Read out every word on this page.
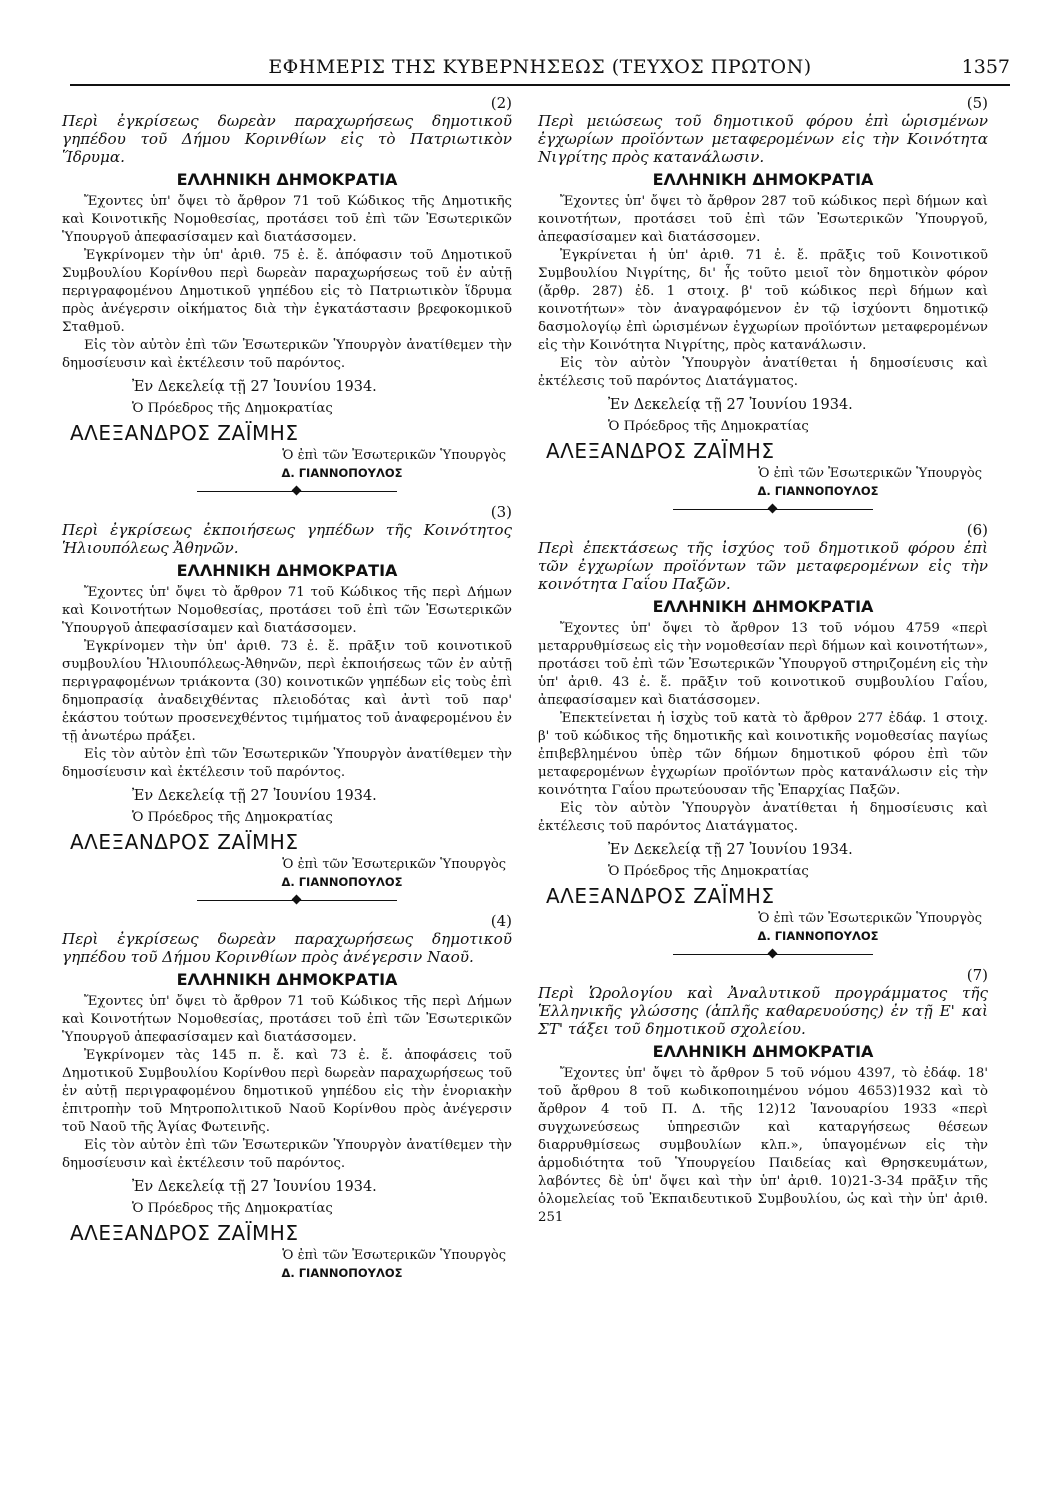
ΕΦΗΜΕΡΙΣ ΤΗΣ ΚΥΒΕΡΝΗΣΕΩΣ (ΤΕΥΧΟΣ ΠΡΩΤΟΝ)	1357
(2)

Περὶ ἐγκρίσεως δωρεὰν παραχωρήσεως δημοτικοῦ γηπέδου τοῦ Δήμου Κορινθίων εἰς τὸ Πατριωτικὸν Ἵδρυμα.

ΕΛΛΗΝΙΚΗ ΔΗΜΟΚΡΑΤΙΑ

Ἔχοντες ὑπ' ὄψει τὸ ἄρθρον 71 τοῦ Κώδικος τῆς Δημοτικῆς καὶ Κοινοτικῆς Νομοθεσίας, προτάσει τοῦ ἐπὶ τῶν Ἐσωτερικῶν Ὑπουργοῦ ἀπεφασίσαμεν καὶ διατάσσομεν.

Ἐγκρίνομεν τὴν ὑπ' ἀριθ. 75 ἐ. ἔ. ἀπόφασιν τοῦ Δημοτικοῦ Συμβουλίου Κορίνθου περὶ δωρεὰν παραχωρήσεως τοῦ ἐν αὐτῇ περιγραφομένου Δημοτικοῦ γηπέδου εἰς τὸ Πατριωτικὸν ἵδρυμα πρὸς ἀνέγερσιν οἰκήματος διὰ τὴν ἐγκατάστασιν βρεφοκομικοῦ Σταθμοῦ.

Εἰς τὸν αὐτὸν ἐπὶ τῶν Ἐσωτερικῶν Ὑπουργὸν ἀνατίθεμεν τὴν δημοσίευσιν καὶ ἐκτέλεσιν τοῦ παρόντος.

Ἐν Δεκελείᾳ τῇ 27 Ἰουνίου 1934.
Ὁ Πρόεδρος τῆς Δημοκρατίας
ΑΛΕΞΑΝΔΡΟΣ ΖΑΪΜΗΣ
Ὁ ἐπὶ τῶν Ἐσωτερικῶν Ὑπουργὸς
Δ. ΓΙΑΝΝΟΠΟΥΛΟΣ
(3)

Περὶ ἐγκρίσεως ἐκποιήσεως γηπέδων τῆς Κοινότητος Ἡλιουπόλεως Ἀθηνῶν.

ΕΛΛΗΝΙΚΗ ΔΗΜΟΚΡΑΤΙΑ

Ἔχοντες ὑπ' ὄψει τὸ ἄρθρον 71 τοῦ Κώδικος τῆς περὶ Δήμων καὶ Κοινοτήτων Νομοθεσίας, προτάσει τοῦ ἐπὶ τῶν Ἐσωτερικῶν Ὑπουργοῦ ἀπεφασίσαμεν καὶ διατάσσομεν.

Ἐγκρίνομεν τὴν ὑπ' ἀριθ. 73 ἐ. ἔ. πρᾶξιν τοῦ κοινοτικοῦ συμβουλίου Ἡλιουπόλεως-Ἀθηνῶν, περὶ ἐκποιήσεως τῶν ἐν αὐτῇ περιγραφομένων τριάκοντα (30) κοινοτικῶν γηπέδων εἰς τοὺς ἐπὶ δημοπρασίᾳ ἀναδειχθέντας πλειοδότας καὶ ἀντὶ τοῦ παρ' ἑκάστου τούτων προσενεχθέντος τιμήματος τοῦ ἀναφερομένου ἐν τῇ ἀνωτέρω πράξει.

Εἰς τὸν αὐτὸν ἐπὶ τῶν Ἐσωτερικῶν Ὑπουργὸν ἀνατίθεμεν τὴν δημοσίευσιν καὶ ἐκτέλεσιν τοῦ παρόντος.

Ἐν Δεκελείᾳ τῇ 27 Ἰουνίου 1934.
Ὁ Πρόεδρος τῆς Δημοκρατίας
ΑΛΕΞΑΝΔΡΟΣ ΖΑΪΜΗΣ
Ὁ ἐπὶ τῶν Ἐσωτερικῶν Ὑπουργὸς
Δ. ΓΙΑΝΝΟΠΟΥΛΟΣ
(4)

Περὶ ἐγκρίσεως δωρεὰν παραχωρήσεως δημοτικοῦ γηπέδου τοῦ Δήμου Κορινθίων πρὸς ἀνέγερσιν Ναοῦ.

ΕΛΛΗΝΙΚΗ ΔΗΜΟΚΡΑΤΙΑ

Ἔχοντες ὑπ' ὄψει τὸ ἄρθρον 71 τοῦ Κώδικος τῆς περὶ Δήμων καὶ Κοινοτήτων Νομοθεσίας, προτάσει τοῦ ἐπὶ τῶν Ἐσωτερικῶν Ὑπουργοῦ ἀπεφασίσαμεν καὶ διατάσσομεν.

Ἐγκρίνομεν τὰς 145 π. ἔ. καὶ 73 ἐ. ἔ. ἀποφάσεις τοῦ Δημοτικοῦ Συμβουλίου Κορίνθου περὶ δωρεὰν παραχωρήσεως τοῦ ἐν αὐτῇ περιγραφομένου δημοτικοῦ γηπέδου εἰς τὴν ἐνοριακὴν ἐπιτροπὴν τοῦ Μητροπολιτικοῦ Ναοῦ Κορίνθου πρὸς ἀνέγερσιν τοῦ Ναοῦ τῆς Ἁγίας Φωτεινῆς.

Εἰς τὸν αὐτὸν ἐπὶ τῶν Ἐσωτερικῶν Ὑπουργὸν ἀνατίθεμεν τὴν δημοσίευσιν καὶ ἐκτέλεσιν τοῦ παρόντος.

Ἐν Δεκελείᾳ τῇ 27 Ἰουνίου 1934.
Ὁ Πρόεδρος τῆς Δημοκρατίας
ΑΛΕΞΑΝΔΡΟΣ ΖΑΪΜΗΣ
Ὁ ἐπὶ τῶν Ἐσωτερικῶν Ὑπουργὸς
Δ. ΓΙΑΝΝΟΠΟΥΛΟΣ
(5)

Περὶ μειώσεως τοῦ δημοτικοῦ φόρου ἐπὶ ὡρισμένων ἐγχωρίων προϊόντων μεταφερομένων εἰς τὴν Κοινότητα Νιγρίτης πρὸς κατανάλωσιν.

ΕΛΛΗΝΙΚΗ ΔΗΜΟΚΡΑΤΙΑ

Ἔχοντες ὑπ' ὄψει τὸ ἄρθρον 287 τοῦ κώδικος περὶ δήμων καὶ κοινοτήτων, προτάσει τοῦ ἐπὶ τῶν Ἐσωτερικῶν Ὑπουργοῦ, ἀπεφασίσαμεν καὶ διατάσσομεν.

Ἐγκρίνεται ἡ ὑπ' ἀριθ. 71 ἐ. ἔ. πρᾶξις τοῦ Κοινοτικοῦ Συμβουλίου Νιγρίτης, δι' ἧς τοῦτο μειοῖ τὸν δημοτικὸν φόρον (ἄρθρ. 287) ἐδ. 1 στοιχ. β' τοῦ κώδικος περὶ δήμων καὶ κοινοτήτων» τὸν ἀναγραφόμενον ἐν τῷ ἰσχύοντι δημοτικῷ δασμολογίῳ ἐπὶ ὡρισμένων ἐγχωρίων προϊόντων μεταφερομένων εἰς τὴν Κοινότητα Νιγρίτης, πρὸς κατανάλωσιν.

Εἰς τὸν αὐτὸν Ὑπουργὸν ἀνατίθεται ἡ δημοσίευσις καὶ ἐκτέλεσις τοῦ παρόντος Διατάγματος.

Ἐν Δεκελείᾳ τῇ 27 Ἰουνίου 1934.
Ὁ Πρόεδρος τῆς Δημοκρατίας
ΑΛΕΞΑΝΔΡΟΣ ΖΑΪΜΗΣ
Ὁ ἐπὶ τῶν Ἐσωτερικῶν Ὑπουργὸς
Δ. ΓΙΑΝΝΟΠΟΥΛΟΣ
(6)

Περὶ ἐπεκτάσεως τῆς ἰσχύος τοῦ δημοτικοῦ φόρου ἐπὶ τῶν ἐγχωρίων προϊόντων τῶν μεταφερομένων εἰς τὴν κοινότητα Γαΐου Παξῶν.

ΕΛΛΗΝΙΚΗ ΔΗΜΟΚΡΑΤΙΑ

Ἔχοντες ὑπ' ὄψει τὸ ἄρθρον 13 τοῦ νόμου 4759 «περὶ μεταρρυθμίσεως εἰς τὴν νομοθεσίαν περὶ δήμων καὶ κοινοτήτων», προτάσει τοῦ ἐπὶ τῶν Ἐσωτερικῶν Ὑπουργοῦ στηριζομένη εἰς τὴν ὑπ' ἀριθ. 43 ἐ. ἔ. πρᾶξιν τοῦ κοινοτικοῦ συμβουλίου Γαΐου, ἀπεφασίσαμεν καὶ διατάσσομεν.

Ἐπεκτείνεται ἡ ἰσχὺς τοῦ κατὰ τὸ ἄρθρον 277 ἐδάφ. 1 στοιχ. β' τοῦ κώδικος τῆς δημοτικῆς καὶ κοινοτικῆς νομοθεσίας παγίως ἐπιβεβλημένου ὑπὲρ τῶν δήμων δημοτικοῦ φόρου ἐπὶ τῶν μεταφερομένων ἐγχωρίων προϊόντων πρὸς κατανάλωσιν εἰς τὴν κοινότητα Γαΐου πρωτεύουσαν τῆς Ἐπαρχίας Παξῶν.

Εἰς τὸν αὐτὸν Ὑπουργὸν ἀνατίθεται ἡ δημοσίευσις καὶ ἐκτέλεσις τοῦ παρόντος Διατάγματος.

Ἐν Δεκελείᾳ τῇ 27 Ἰουνίου 1934.
Ὁ Πρόεδρος τῆς Δημοκρατίας
ΑΛΕΞΑΝΔΡΟΣ ΖΑΪΜΗΣ
Ὁ ἐπὶ τῶν Ἐσωτερικῶν Ὑπουργὸς
Δ. ΓΙΑΝΝΟΠΟΥΛΟΣ
(7)

Περὶ Ὡρολογίου καὶ Ἀναλυτικοῦ προγράμματος τῆς Ἑλληνικῆς γλώσσης (ἁπλῆς καθαρευούσης) ἐν τῇ Ε' καὶ ΣΤ' τάξει τοῦ δημοτικοῦ σχολείου.

ΕΛΛΗΝΙΚΗ ΔΗΜΟΚΡΑΤΙΑ

Ἔχοντες ὑπ' ὄψει τὸ ἄρθρον 5 τοῦ νόμου 4397, τὸ ἐδάφ. 18' τοῦ ἄρθρου 8 τοῦ κωδικοποιημένου νόμου 4653)1932 καὶ τὸ ἄρθρον 4 τοῦ Π. Δ. τῆς 12)12 Ἰανουαρίου 1933 «περὶ συγχωνεύσεως ὑπηρεσιῶν καὶ καταργήσεως θέσεων διαρρυθμίσεως συμβουλίων κλπ.», ὑπαγομένων εἰς τὴν ἁρμοδιότητα τοῦ Ὑπουργείου Παιδείας καὶ Θρησκευμάτων, λαβόντες δὲ ὑπ' ὄψει καὶ τὴν ὑπ' ἀριθ. 10)21-3-34 πρᾶξιν τῆς ὁλομελείας τοῦ Ἐκπαιδευτικοῦ Συμβουλίου, ὡς καὶ τὴν ὑπ' ἀριθ. 251
